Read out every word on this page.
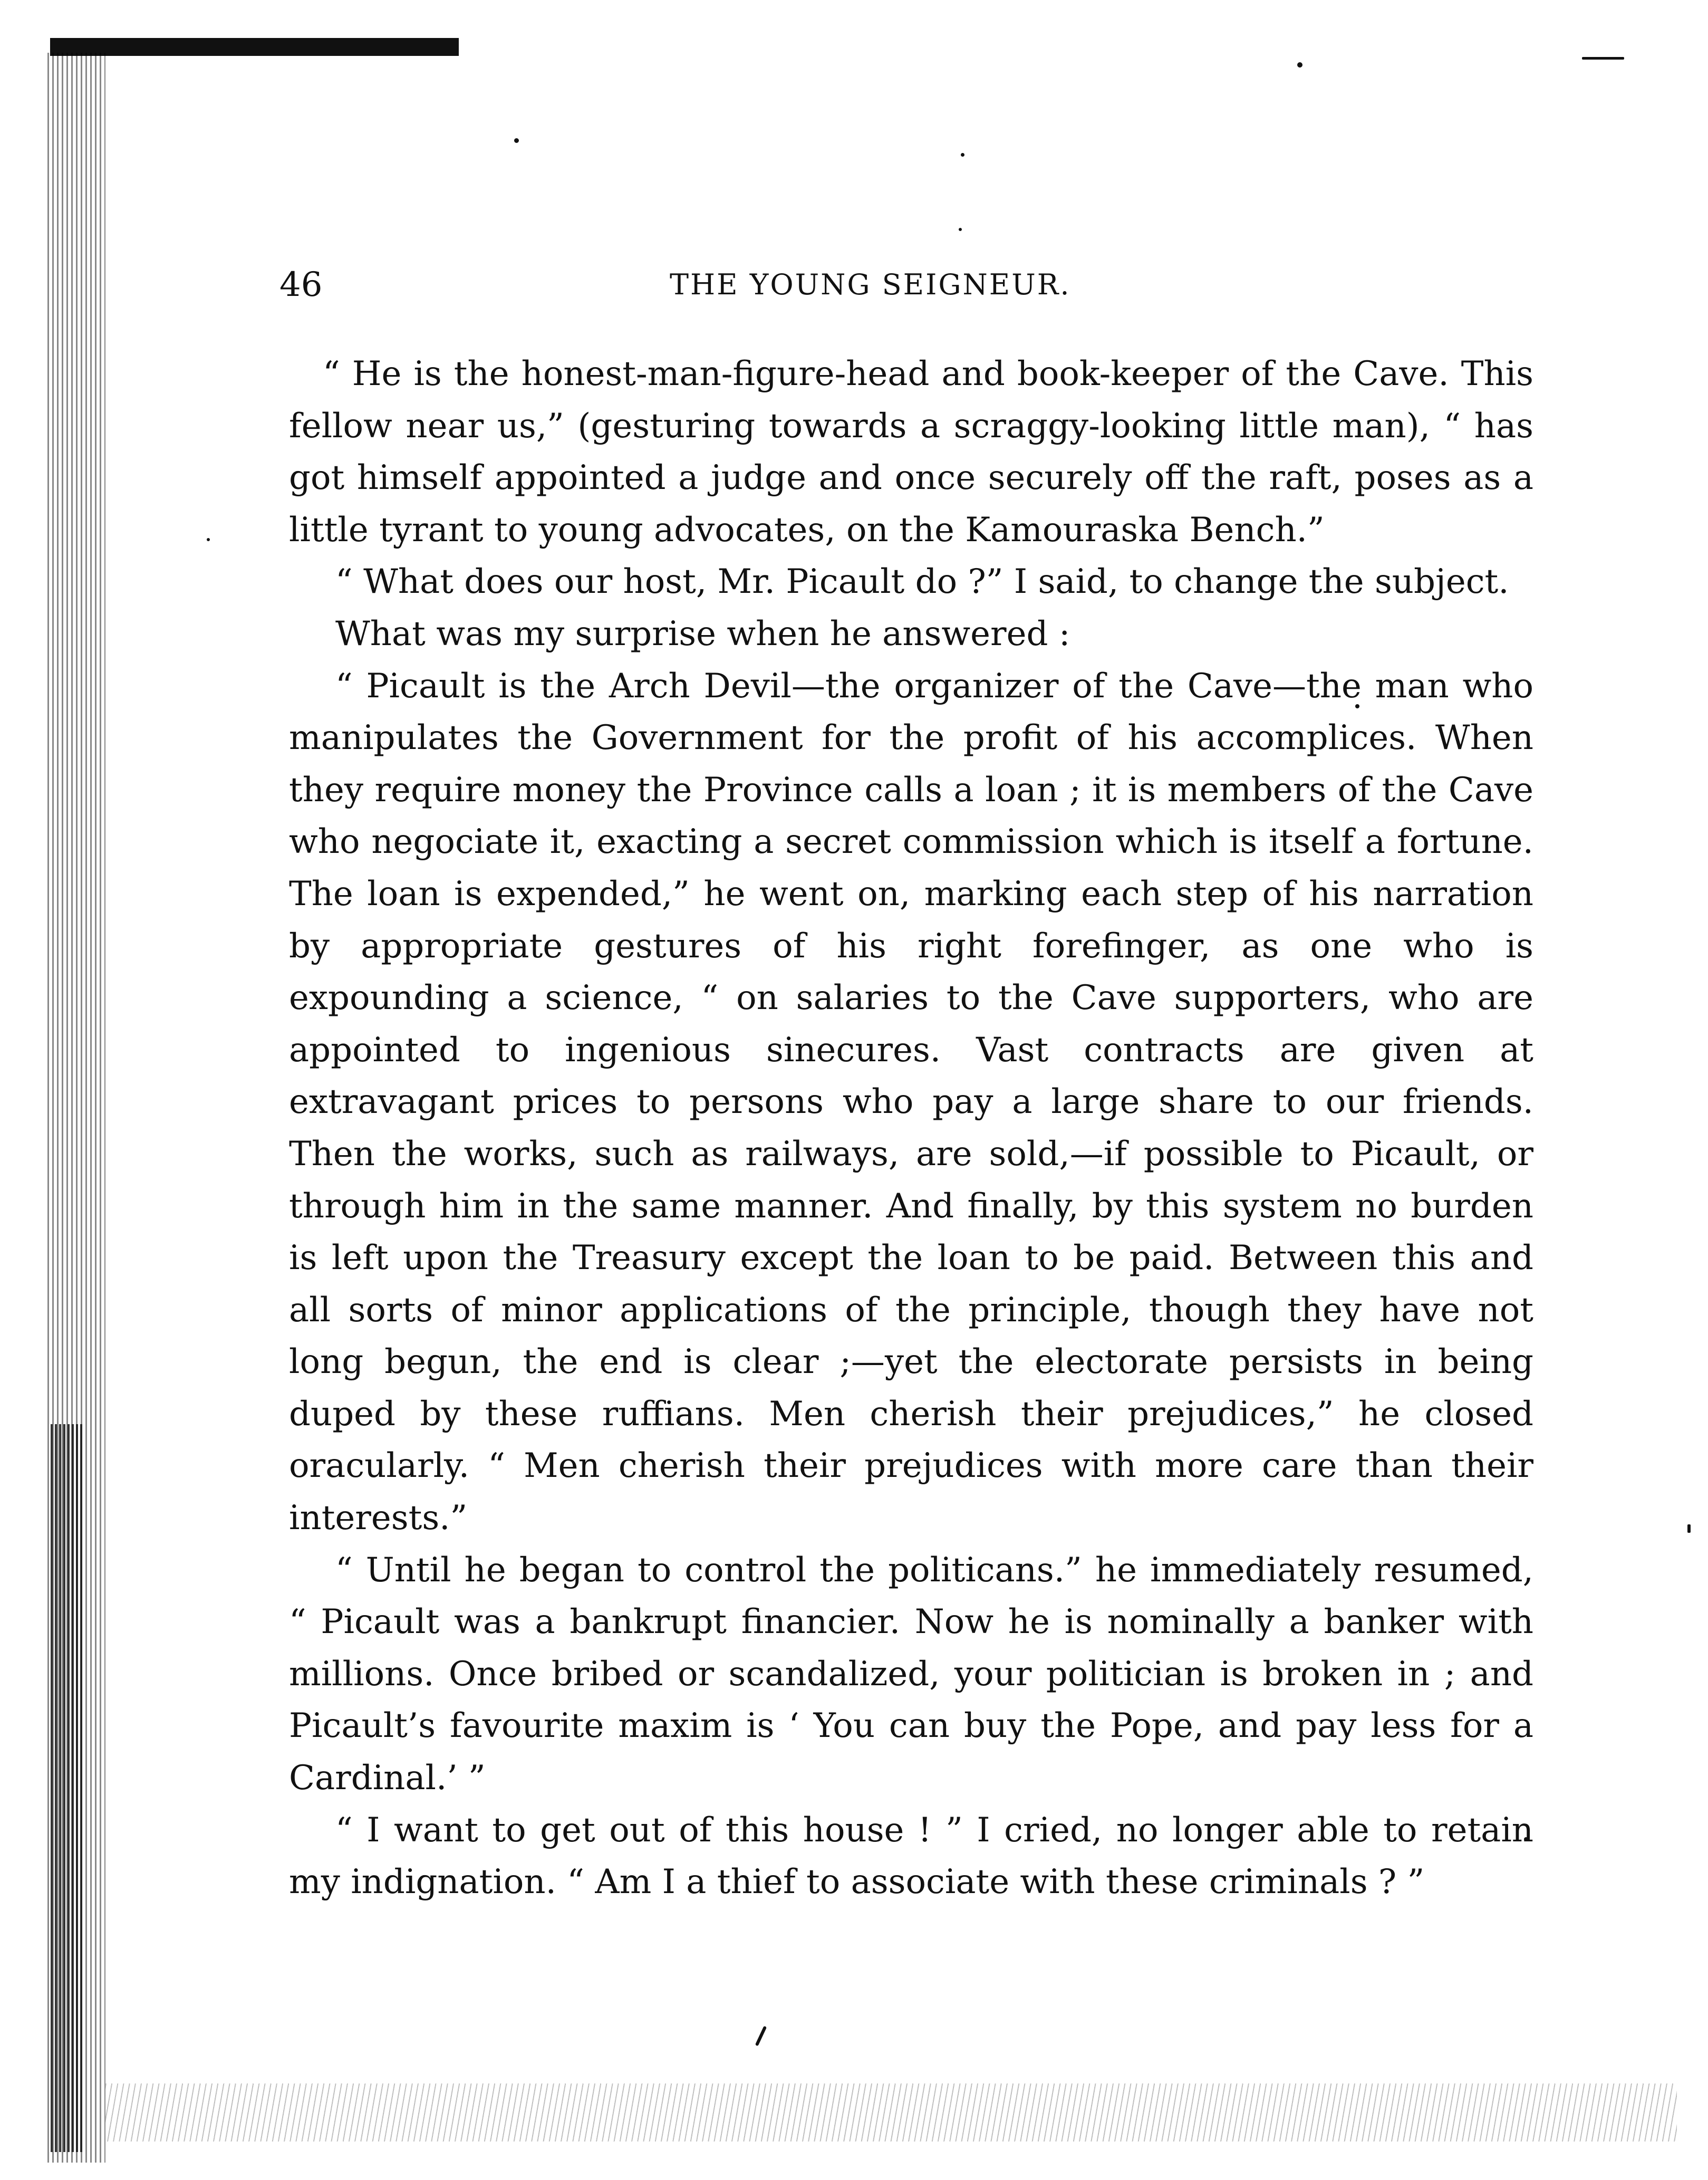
46	THE YOUNG SEIGNEUR.

“ He is the honest-man-figure-head and book-keeper of the Cave. This fellow near us,” (gesturing towards a scraggy-looking little man), “ has got himself appointed a judge and once securely off the raft, poses as a little tyrant to young advocates, on the Kamouraska Bench.”

“ What does our host, Mr. Picault do ?” I said, to change the subject.

What was my surprise when he answered :

“ Picault is the Arch Devil—the organizer of the Cave—the man who manipulates the Government for the profit of his accomplices. When they require money the Province calls a loan ; it is members of the Cave who negociate it, exacting a secret commission which is itself a fortune. The loan is expended,” he went on, marking each step of his narration by appropriate gestures of his right forefinger, as one who is expounding a science, “ on salaries to the Cave supporters, who are appointed to ingenious sinecures. Vast contracts are given at extravagant prices to persons who pay a large share to our friends. Then the works, such as railways, are sold,—if possible to Picault, or through him in the same manner. And finally, by this system no burden is left upon the Treasury except the loan to be paid. Between this and all sorts of minor applications of the principle, though they have not long begun, the end is clear ;—yet the electorate persists in being duped by these ruffians. Men cherish their prejudices,” he closed oracularly. “ Men cherish their prejudices with more care than their interests.”

“ Until he began to control the politicans.” he immediately resumed, “ Picault was a bankrupt financier. Now he is nominally a banker with millions. Once bribed or scandalized, your politician is broken in ; and Picault’s favourite maxim is ‘ You can buy the Pope, and pay less for a Cardinal.’ ”

“ I want to get out of this house ! ” I cried, no longer able to retain my indignation. “ Am I a thief to associate with these criminals ? ”
